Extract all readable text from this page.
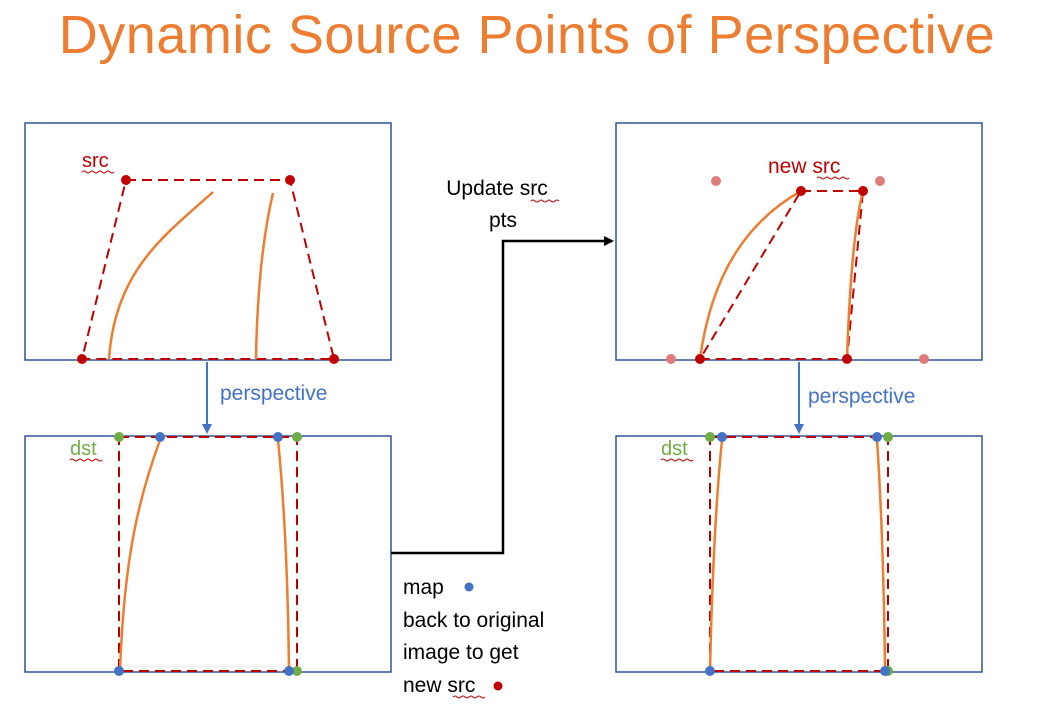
Dynamic Source Points of Perspective
src
perspective
dst
Update src
pts
map
back to original
image to get
new src
new src
perspective
dst
